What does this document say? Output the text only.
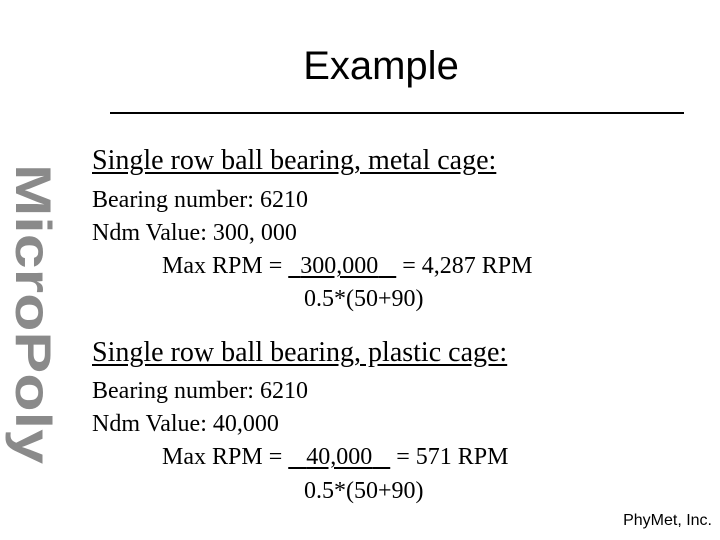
Example
MicroPoly
Single row ball bearing, metal cage:
Bearing number: 6210
Ndm Value: 300, 000
Max RPM =   300,000    = 4,287 RPM
0.5*(50+90)
Single row ball bearing, plastic cage:
Bearing number: 6210
Ndm Value: 40,000
Max RPM =    40,000    = 571 RPM
0.5*(50+90)
PhyMet, Inc.
